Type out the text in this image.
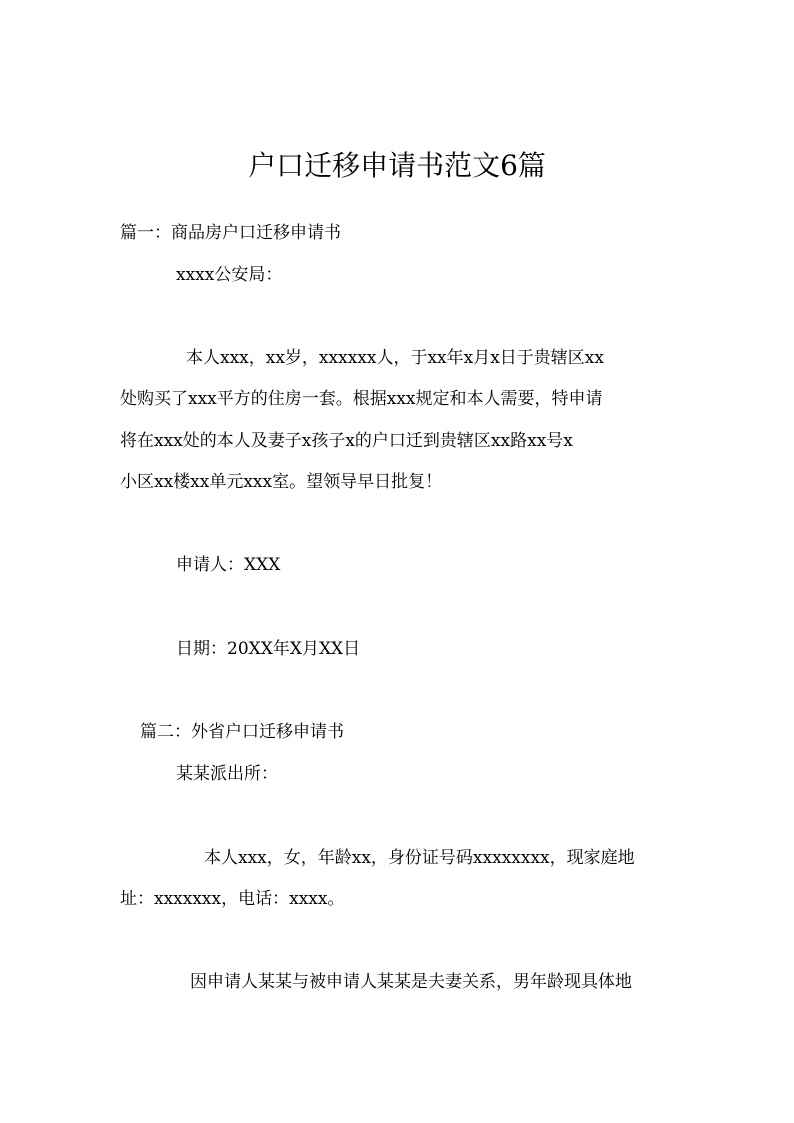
户口迁移申请书范文6篇

篇一：商品房户口迁移申请书

xxxx公安局：

本人xxx，xx岁，xxxxxx人，于xx年x月x日于贵辖区xx

处购买了xxx平方的住房一套。根据xxx规定和本人需要，特申请

将在xxx处的本人及妻子x孩子x的户口迁到贵辖区xx路xx号x

小区xx楼xx单元xxx室。望领导早日批复！

申请人：XXX

日期：20XX年X月XX日

篇二：外省户口迁移申请书

某某派出所：

本人xxx，女，年龄xx，身份证号码xxxxxxxx，现家庭地

址：xxxxxxx，电话：xxxx。

因申请人某某与被申请人某某是夫妻关系，男年龄现具体地
